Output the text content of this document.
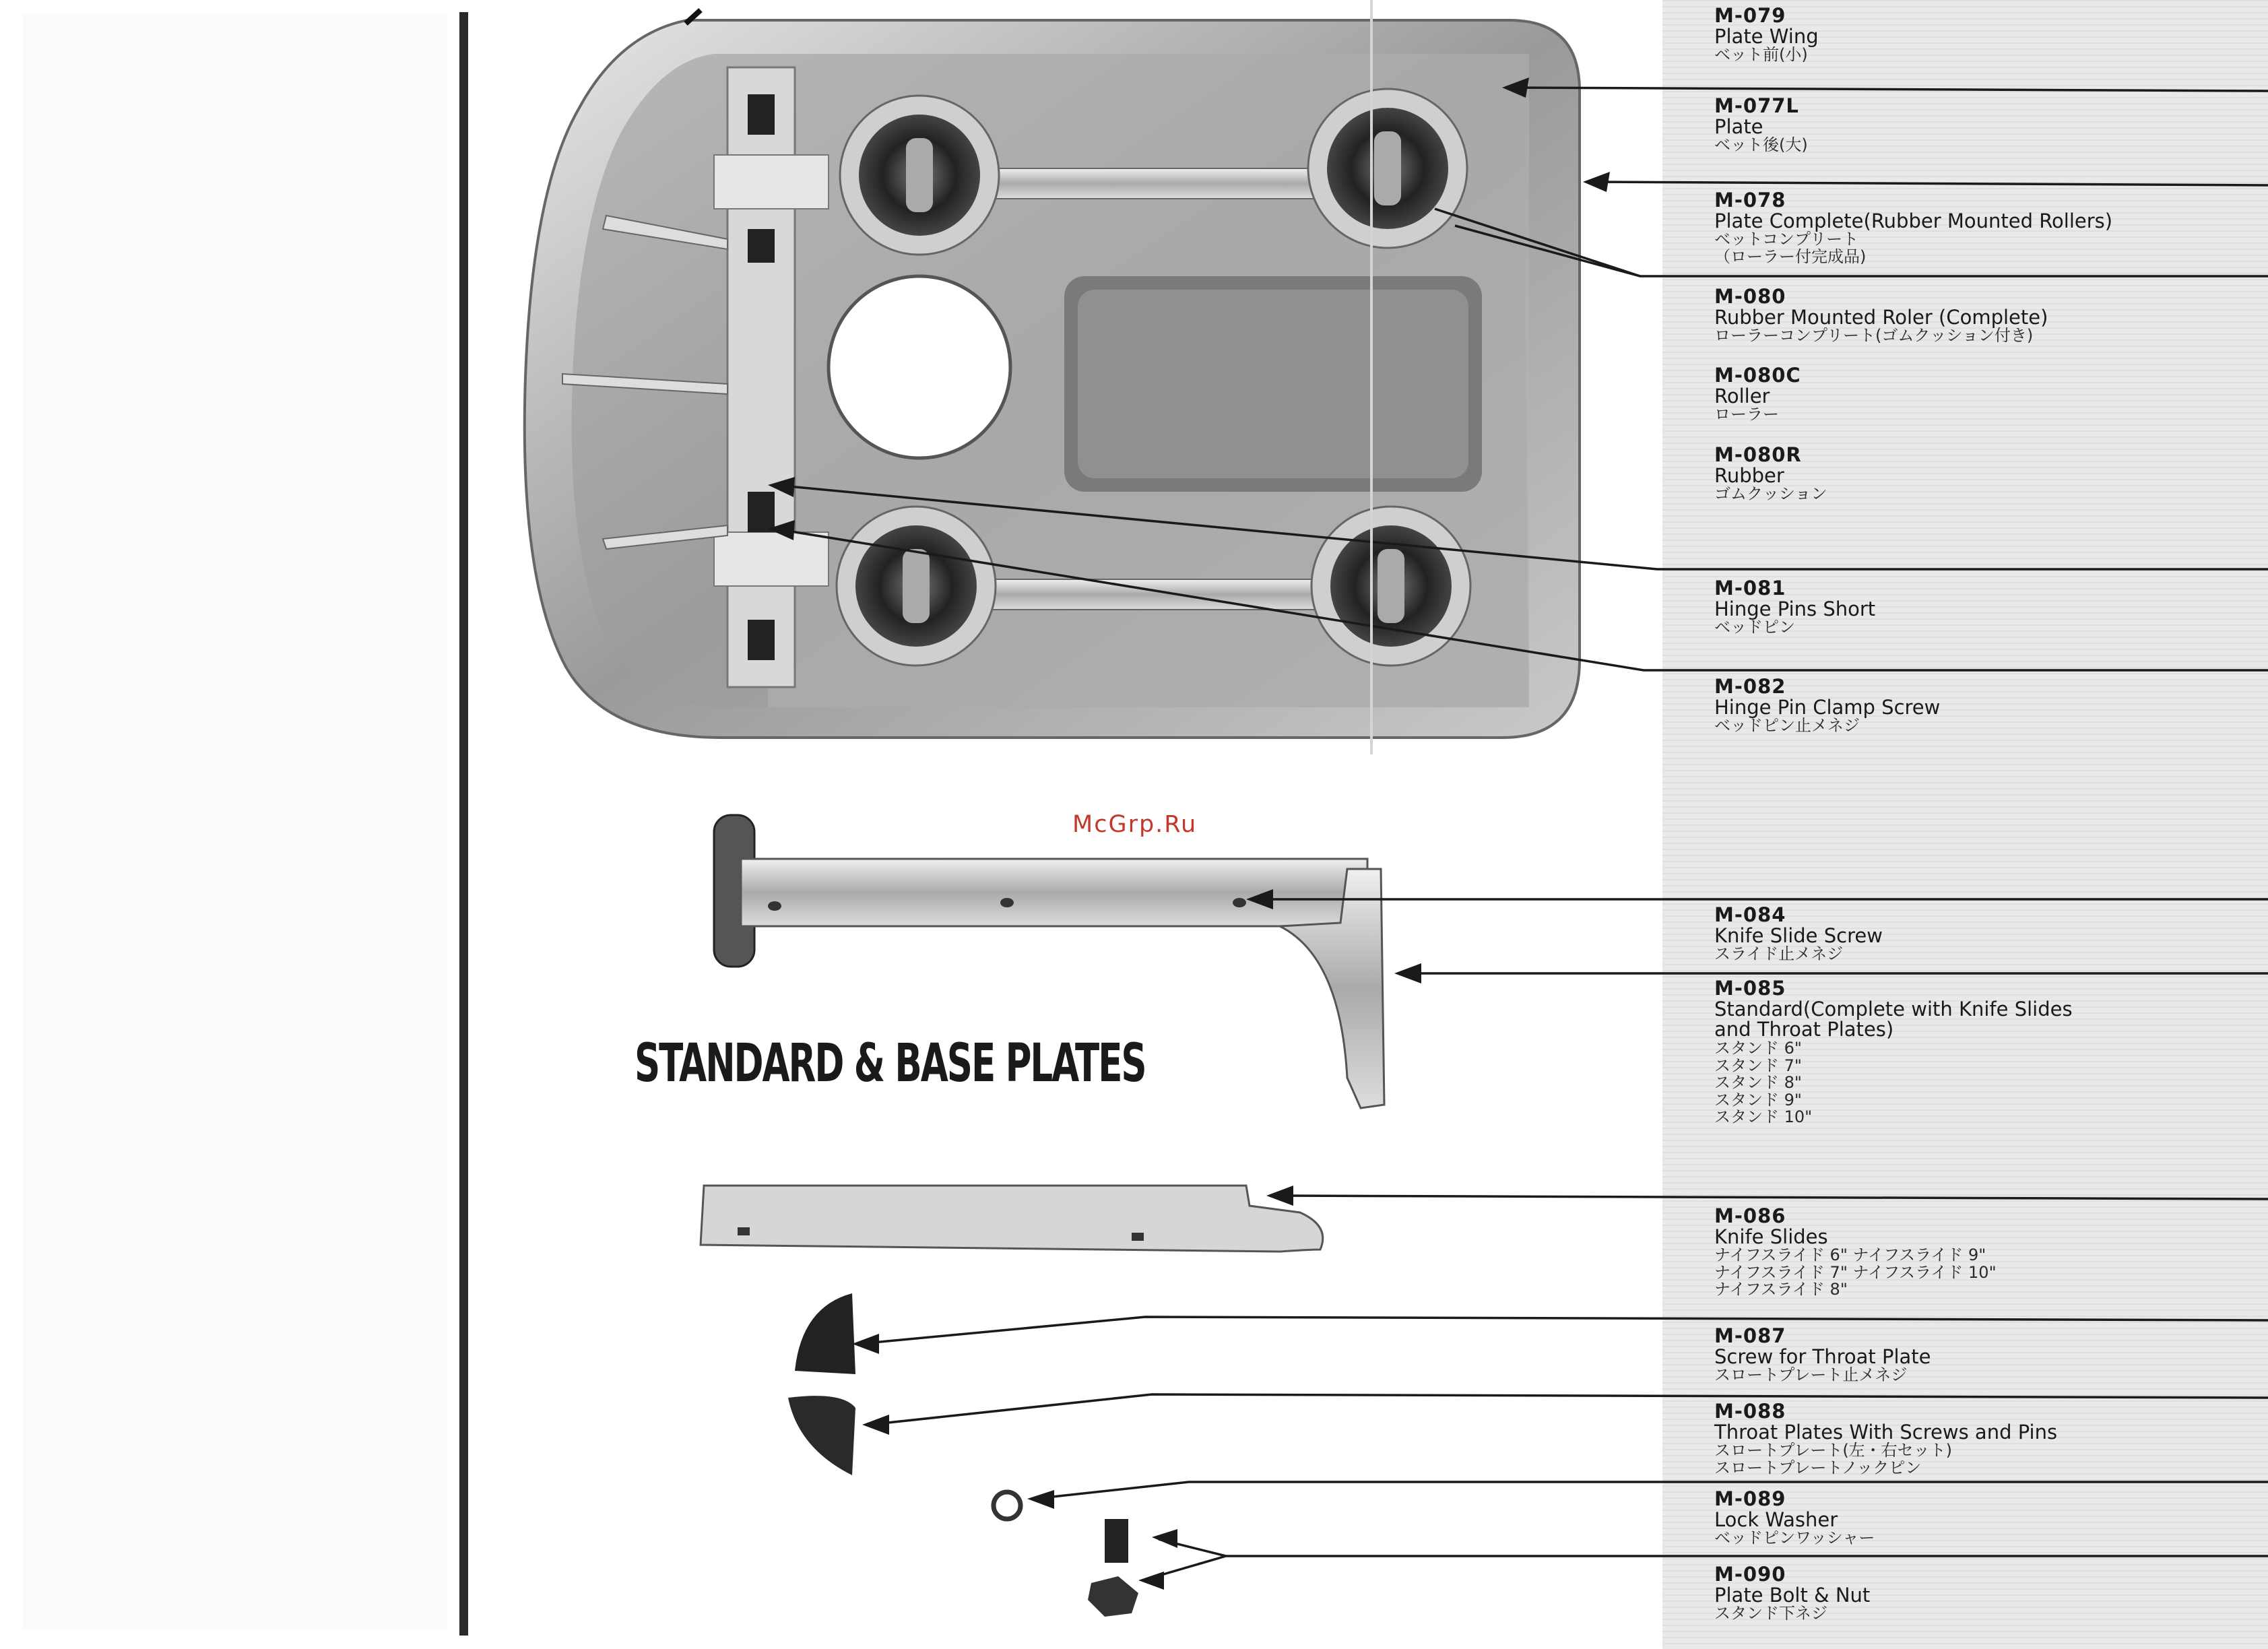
McGrp.Ru
STANDARD & BASE PLATES
M-079
Plate Wing
ベット前(小)
M-077L
Plate
ベット後(大)
M-078
Plate Complete(Rubber Mounted Rollers)
ベットコンプリート
（ローラー付完成品)
M-080
Rubber Mounted Roler (Complete)
ローラーコンプリート(ゴムクッション付き)
M-080C
Roller
ローラー
M-080R
Rubber
ゴムクッション
M-081
Hinge Pins Short
ベッドピン
M-082
Hinge Pin Clamp Screw
ベッドピン止メネジ
M-084
Knife Slide Screw
スライド止メネジ
M-085
Standard(Complete with Knife Slides
and Throat Plates)
スタンド 6"
スタンド 7"
スタンド 8"
スタンド 9"
スタンド 10"
M-086
Knife Slides
ナイフスライド 6" ナイフスライド 9"
ナイフスライド 7" ナイフスライド 10"
ナイフスライド 8"
M-087
Screw for Throat Plate
スロートプレート止メネジ
M-088
Throat Plates With Screws and Pins
スロートプレート(左・右セット)
スロートプレートノックピン
M-089
Lock Washer
ベッドピンワッシャー
M-090
Plate Bolt & Nut
スタンド下ネジ
